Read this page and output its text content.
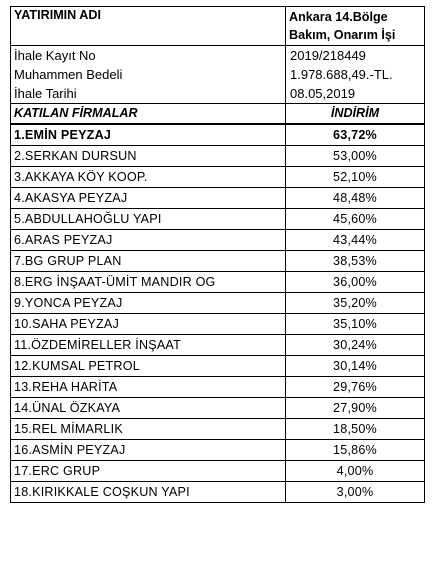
YATIRIMIN ADI	Ankara 14.Bölge Bakım, Onarım İşi
İhale Kayıt No	2019/218449
Muhammen Bedeli	1.978.688,49.-TL.
İhale Tarihi	08.05,2019
KATILAN FİRMALAR	İNDİRİM
1.EMİN PEYZAJ	63,72%
2.SERKAN DURSUN	53,00%
3.AKKAYA KÖY KOOP.	52,10%
4.AKASYA PEYZAJ	48,48%
5.ABDULLAHOĞLU YAPI	45,60%
6.ARAS PEYZAJ	43,44%
7.BG GRUP PLAN	38,53%
8.ERG İNŞAAT-ÜMİT MANDIR OG	36,00%
9.YONCA PEYZAJ	35,20%
10.SAHA PEYZAJ	35,10%
11.ÖZDEMİRELLER İNŞAAT	30,24%
12.KUMSAL PETROL	30,14%
13.REHA HARİTA	29,76%
14.ÜNAL ÖZKAYA	27,90%
15.REL MİMARLIK	18,50%
16.ASMİN PEYZAJ	15,86%
17.ERC GRUP	4,00%
18.KIRIKKALE COŞKUN YAPI	3,00%
